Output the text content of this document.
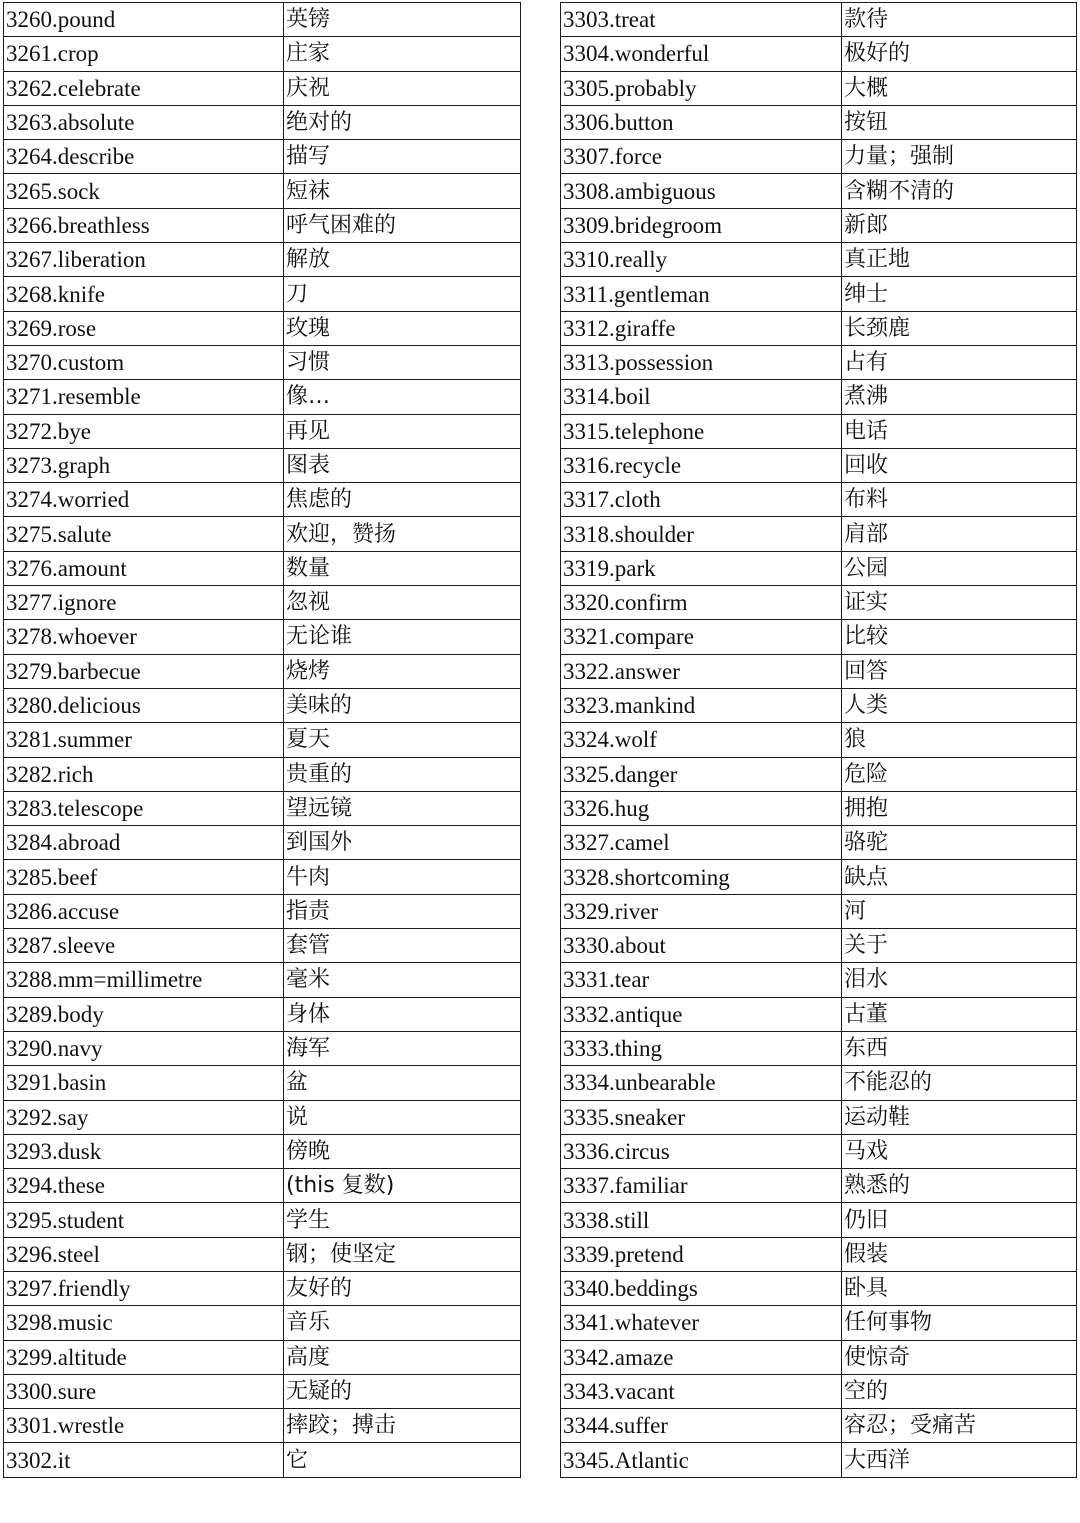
3260.pound	英镑
3261.crop	庄家
3262.celebrate	庆祝
3263.absolute	绝对的
3264.describe	描写
3265.sock	短袜
3266.breathless	呼气困难的
3267.liberation	解放
3268.knife	刀
3269.rose	玫瑰
3270.custom	习惯
3271.resemble	像…
3272.bye	再见
3273.graph	图表
3274.worried	焦虑的
3275.salute	欢迎，赞扬
3276.amount	数量
3277.ignore	忽视
3278.whoever	无论谁
3279.barbecue	烧烤
3280.delicious	美味的
3281.summer	夏天
3282.rich	贵重的
3283.telescope	望远镜
3284.abroad	到国外
3285.beef	牛肉
3286.accuse	指责
3287.sleeve	套管
3288.mm=millimetre	毫米
3289.body	身体
3290.navy	海军
3291.basin	盆
3292.say	说
3293.dusk	傍晚
3294.these	(this 复数)
3295.student	学生
3296.steel	钢；使坚定
3297.friendly	友好的
3298.music	音乐
3299.altitude	高度
3300.sure	无疑的
3301.wrestle	摔跤；搏击
3302.it	它
3303.treat	款待
3304.wonderful	极好的
3305.probably	大概
3306.button	按钮
3307.force	力量；强制
3308.ambiguous	含糊不清的
3309.bridegroom	新郎
3310.really	真正地
3311.gentleman	绅士
3312.giraffe	长颈鹿
3313.possession	占有
3314.boil	煮沸
3315.telephone	电话
3316.recycle	回收
3317.cloth	布料
3318.shoulder	肩部
3319.park	公园
3320.confirm	证实
3321.compare	比较
3322.answer	回答
3323.mankind	人类
3324.wolf	狼
3325.danger	危险
3326.hug	拥抱
3327.camel	骆驼
3328.shortcoming	缺点
3329.river	河
3330.about	关于
3331.tear	泪水
3332.antique	古董
3333.thing	东西
3334.unbearable	不能忍的
3335.sneaker	运动鞋
3336.circus	马戏
3337.familiar	熟悉的
3338.still	仍旧
3339.pretend	假装
3340.beddings	卧具
3341.whatever	任何事物
3342.amaze	使惊奇
3343.vacant	空的
3344.suffer	容忍；受痛苦
3345.Atlantic	大西洋
